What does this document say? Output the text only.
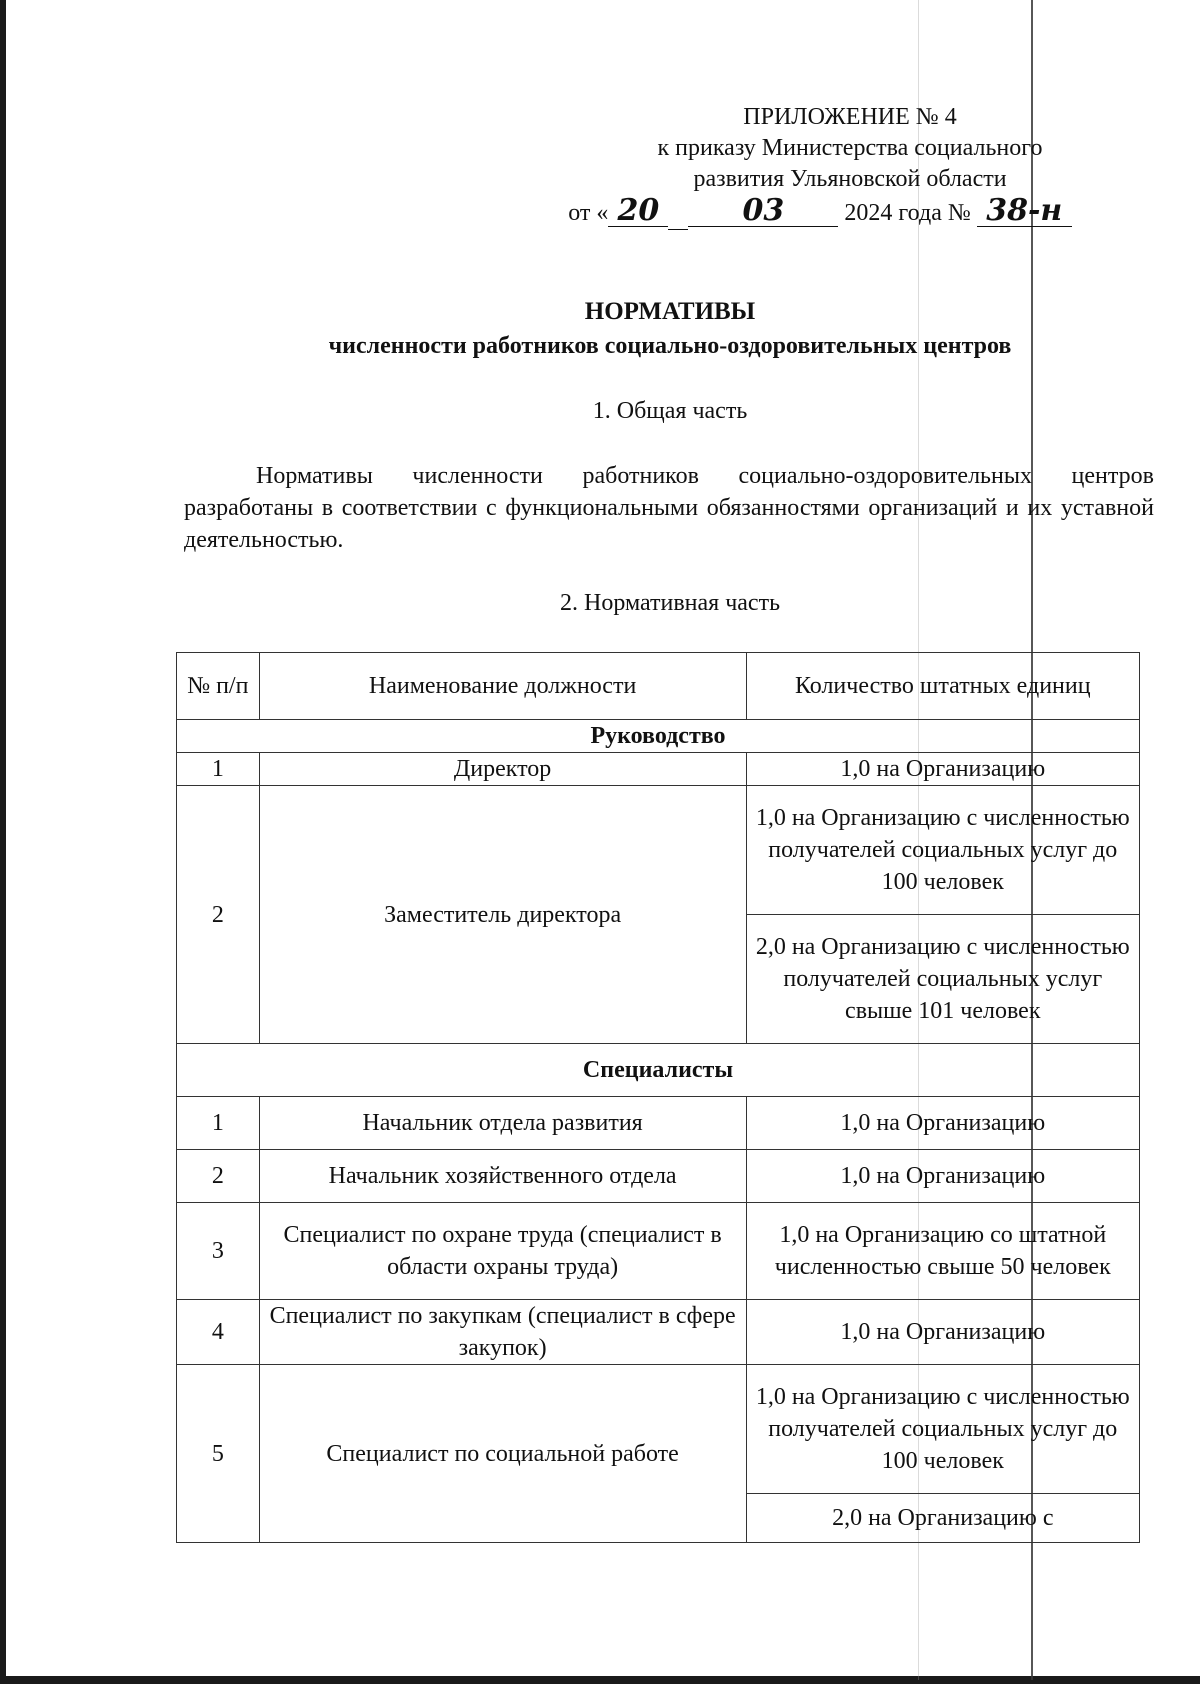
ПРИЛОЖЕНИЕ № 4
к приказу Министерства социального
развития Ульяновской области
от « 20	03	2024 года № 38-н
НОРМАТИВЫ
численности работников социально-оздоровительных центров
1. Общая часть
Нормативы численности работников социально-оздоровительных центров разработаны в соответствии с функциональными обязанностями организаций и их уставной деятельностью.
2. Нормативная часть
№ п/п	Наименование должности	Количество штатных единиц
Руководство		
1	Директор	1,0 на Организацию
2	Заместитель директора	1,0 на Организацию с численностью получателей социальных услуг до 100 человек
		2,0 на Организацию с численностью получателей социальных услуг свыше 101 человек
Специалисты		
1	Начальник отдела развития	1,0 на Организацию
2	Начальник хозяйственного отдела	1,0 на Организацию
3	Специалист по охране труда (специалист в области охраны труда)	1,0 на Организацию со штатной численностью свыше 50 человек
4	Специалист по закупкам (специалист в сфере закупок)	1,0 на Организацию
5	Специалист по социальной работе	1,0 на Организацию с численностью получателей социальных услуг до 100 человек
		2,0 на Организацию с
